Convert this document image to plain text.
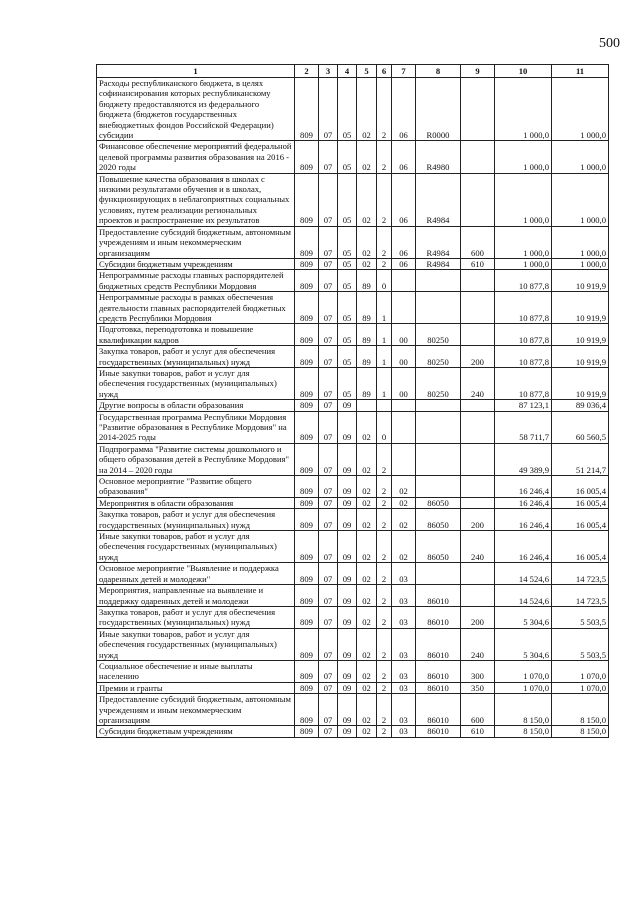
500
1	2	3	4	5	6	7	8	9	10	11
Расходы республиканского бюджета, в целях софинансирования которых республиканскому бюджету предоставляются из федерального бюджета (бюджетов государственных внебюджетных фондов Российской Федерации) субсидии	809	07	05	02	2	06	R0000		1 000,0	1 000,0
Финансовое обеспечение мероприятий федеральной целевой программы развития образования на 2016 - 2020 годы	809	07	05	02	2	06	R4980		1 000,0	1 000,0
Повышение качества образования в школах с низкими результатами обучения и в школах, функционирующих в неблагоприятных социальных условиях, путем реализации региональных проектов и распространение их результатов	809	07	05	02	2	06	R4984		1 000,0	1 000,0
Предоставление субсидий бюджетным, автономным учреждениям и иным некоммерческим организациям	809	07	05	02	2	06	R4984	600	1 000,0	1 000,0
Субсидии бюджетным учреждениям	809	07	05	02	2	06	R4984	610	1 000,0	1 000,0
Непрограммные расходы главных распорядителей бюджетных средств Республики Мордовия	809	07	05	89	0				10 877,8	10 919,9
Непрограммные расходы в рамках обеспечения деятельности главных распорядителей бюджетных средств Республики Мордовия	809	07	05	89	1				10 877,8	10 919,9
Подготовка, переподготовка и повышение квалификации кадров	809	07	05	89	1	00	80250		10 877,8	10 919,9
Закупка товаров, работ и услуг для обеспечения государственных (муниципальных) нужд	809	07	05	89	1	00	80250	200	10 877,8	10 919,9
Иные закупки товаров, работ и услуг для обеспечения государственных (муниципальных) нужд	809	07	05	89	1	00	80250	240	10 877,8	10 919,9
Другие вопросы в области образования	809	07	09						87 123,1	89 036,4
Государственная программа Республики Мордовия "Развитие образования в Республике Мордовия" на 2014-2025 годы	809	07	09	02	0				58 711,7	60 560,5
Подпрограмма "Развитие системы дошкольного и общего образования детей в Республике Мордовия" на 2014 – 2020 годы	809	07	09	02	2				49 389,9	51 214,7
Основное мероприятие "Развитие общего образования"	809	07	09	02	2	02			16 246,4	16 005,4
Мероприятия в области образования	809	07	09	02	2	02	86050		16 246,4	16 005,4
Закупка товаров, работ и услуг для обеспечения государственных (муниципальных) нужд	809	07	09	02	2	02	86050	200	16 246,4	16 005,4
Иные закупки товаров, работ и услуг для обеспечения государственных (муниципальных) нужд	809	07	09	02	2	02	86050	240	16 246,4	16 005,4
Основное мероприятие "Выявление и поддержка одаренных детей и молодежи"	809	07	09	02	2	03			14 524,6	14 723,5
Мероприятия, направленные на выявление и поддержку одаренных детей и молодежи	809	07	09	02	2	03	86010		14 524,6	14 723,5
Закупка товаров, работ и услуг для обеспечения государственных (муниципальных) нужд	809	07	09	02	2	03	86010	200	5 304,6	5 503,5
Иные закупки товаров, работ и услуг для обеспечения государственных (муниципальных) нужд	809	07	09	02	2	03	86010	240	5 304,6	5 503,5
Социальное обеспечение и иные выплаты населению	809	07	09	02	2	03	86010	300	1 070,0	1 070,0
Премии и гранты	809	07	09	02	2	03	86010	350	1 070,0	1 070,0
Предоставление субсидий бюджетным, автономным учреждениям и иным некоммерческим организациям	809	07	09	02	2	03	86010	600	8 150,0	8 150,0
Субсидии бюджетным учреждениям	809	07	09	02	2	03	86010	610	8 150,0	8 150,0
